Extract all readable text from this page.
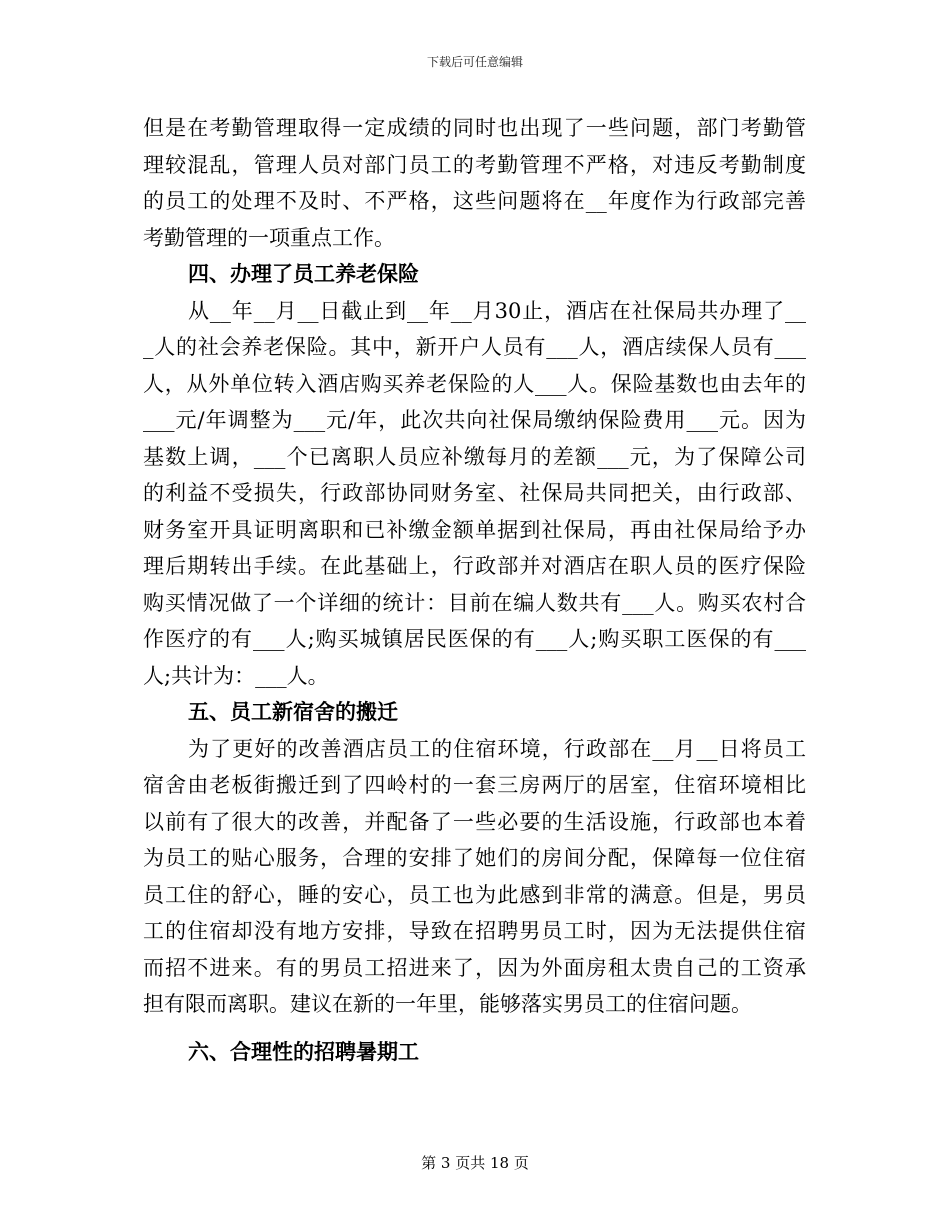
下载后可任意编辑
但是在考勤管理取得一定成绩的同时也出现了一些问题，部门考勤管
理较混乱，管理人员对部门员工的考勤管理不严格，对违反考勤制度
的员工的处理不及时、不严格，这些问题将在__年度作为行政部完善
考勤管理的一项重点工作。
四、办理了员工养老保险
从__年__月__日截止到__年__月30止，酒店在社保局共办理了__
_人的社会养老保险。其中，新开户人员有___人，酒店续保人员有___
人，从外单位转入酒店购买养老保险的人___人。保险基数也由去年的
___元/年调整为___元/年，此次共向社保局缴纳保险费用___元。因为
基数上调，___个已离职人员应补缴每月的差额___元，为了保障公司
的利益不受损失，行政部协同财务室、社保局共同把关，由行政部、
财务室开具证明离职和已补缴金额单据到社保局，再由社保局给予办
理后期转出手续。在此基础上，行政部并对酒店在职人员的医疗保险
购买情况做了一个详细的统计：目前在编人数共有___人。购买农村合
作医疗的有___人;购买城镇居民医保的有___人;购买职工医保的有___
人;共计为：___人。
五、员工新宿舍的搬迁
为了更好的改善酒店员工的住宿环境，行政部在__月__日将员工
宿舍由老板街搬迁到了四岭村的一套三房两厅的居室，住宿环境相比
以前有了很大的改善，并配备了一些必要的生活设施，行政部也本着
为员工的贴心服务，合理的安排了她们的房间分配，保障每一位住宿
员工住的舒心，睡的安心，员工也为此感到非常的满意。但是，男员
工的住宿却没有地方安排，导致在招聘男员工时，因为无法提供住宿
而招不进来。有的男员工招进来了，因为外面房租太贵自己的工资承
担有限而离职。建议在新的一年里，能够落实男员工的住宿问题。
六、合理性的招聘暑期工
第 3 页共 18 页
